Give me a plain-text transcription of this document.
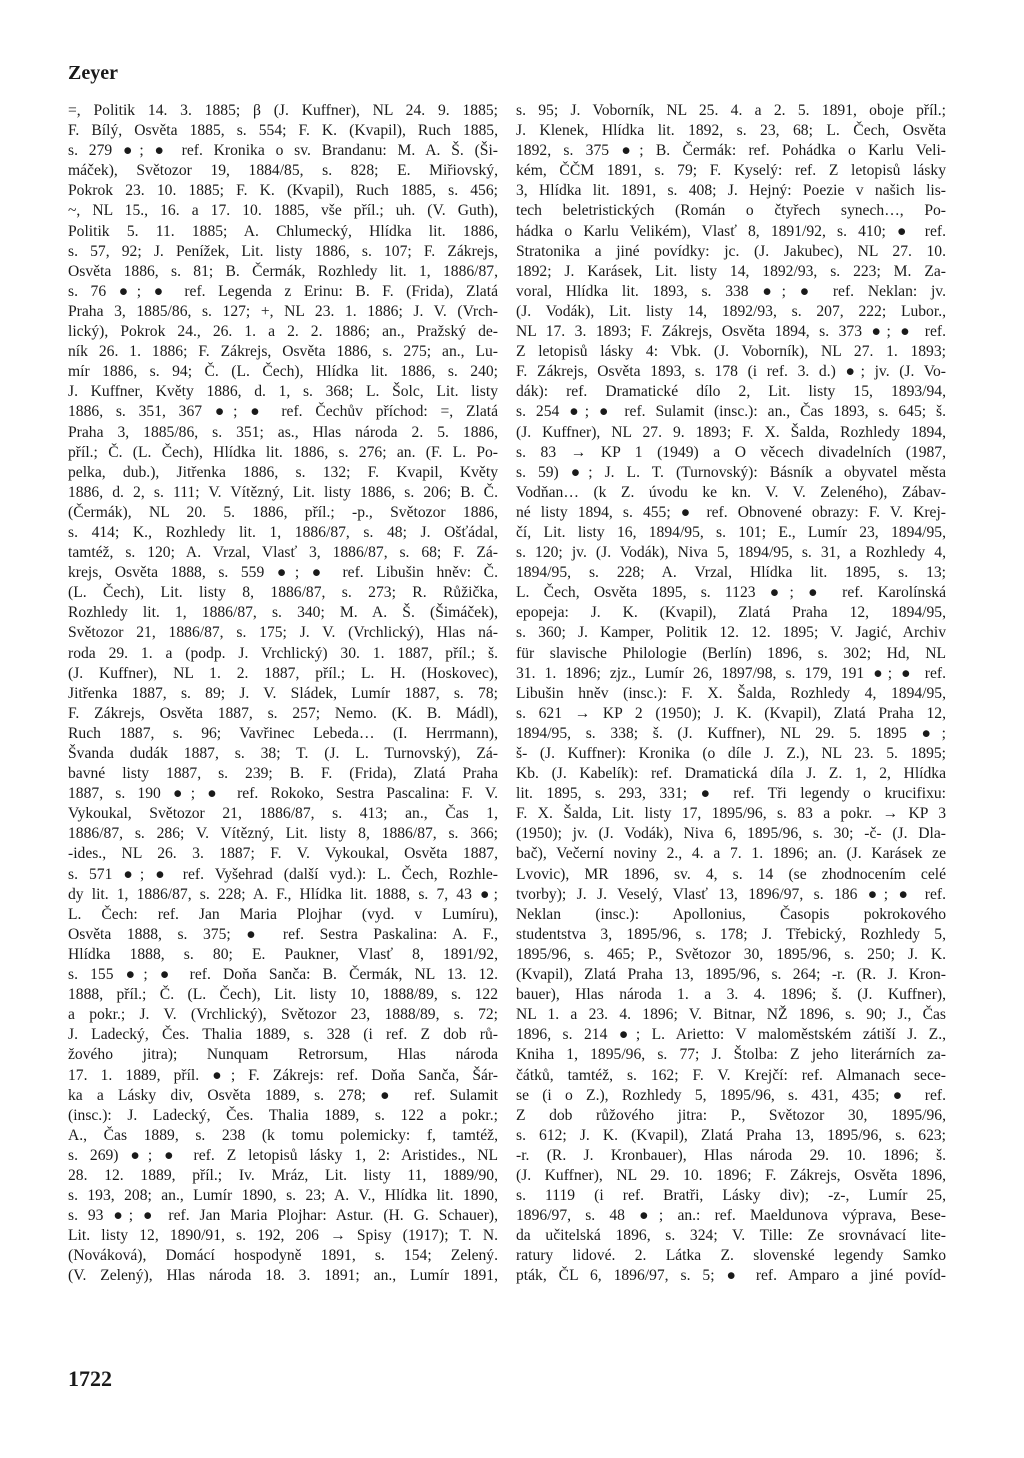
Zeyer
=, Politik 14. 3. 1885; β (J. Kuffner), NL 24. 9. 1885;
F. Bílý, Osvěta 1885, s. 554; F. K. (Kvapil), Ruch 1885,
s. 279 ●; ● ref. Kronika o sv. Brandanu: M. A. Š. (Ši-
máček), Světozor 19, 1884/85, s. 828; E. Miřiovský,
Pokrok 23. 10. 1885; F. K. (Kvapil), Ruch 1885, s. 456;
~, NL 15., 16. a 17. 10. 1885, vše příl.; uh. (V. Guth),
Politik 5. 11. 1885; A. Chlumecký, Hlídka lit. 1886,
s. 57, 92; J. Penížek, Lit. listy 1886, s. 107; F. Zákrejs,
Osvěta 1886, s. 81; B. Čermák, Rozhledy lit. 1, 1886/87,
s. 76 ●; ● ref. Legenda z Erinu: B. F. (Frida), Zlatá
Praha 3, 1885/86, s. 127; +, NL 23. 1. 1886; J. V. (Vrch-
lický), Pokrok 24., 26. 1. a 2. 2. 1886; an., Pražský de-
ník 26. 1. 1886; F. Zákrejs, Osvěta 1886, s. 275; an., Lu-
mír 1886, s. 94; Č. (L. Čech), Hlídka lit. 1886, s. 240;
J. Kuffner, Květy 1886, d. 1, s. 368; L. Šolc, Lit. listy
1886, s. 351, 367 ●; ● ref. Čechův příchod: =, Zlatá
Praha 3, 1885/86, s. 351; as., Hlas národa 2. 5. 1886,
příl.; Č. (L. Čech), Hlídka lit. 1886, s. 276; an. (F. L. Po-
pelka, dub.), Jitřenka 1886, s. 132; F. Kvapil, Květy
1886, d. 2, s. 111; V. Vítězný, Lit. listy 1886, s. 206; B. Č.
(Čermák), NL 20. 5. 1886, příl.; -p., Světozor 1886,
s. 414; K., Rozhledy lit. 1, 1886/87, s. 48; J. Ošťádal,
tamtéž, s. 120; A. Vrzal, Vlasť 3, 1886/87, s. 68; F. Zá-
krejs, Osvěta 1888, s. 559 ●; ● ref. Libušin hněv: Č.
(L. Čech), Lit. listy 8, 1886/87, s. 273; R. Růžička,
Rozhledy lit. 1, 1886/87, s. 340; M. A. Š. (Šimáček),
Světozor 21, 1886/87, s. 175; J. V. (Vrchlický), Hlas ná-
roda 29. 1. a (podp. J. Vrchlický) 30. 1. 1887, příl.; š.
(J. Kuffner), NL 1. 2. 1887, příl.; L. H. (Hoskovec),
Jitřenka 1887, s. 89; J. V. Sládek, Lumír 1887, s. 78;
F. Zákrejs, Osvěta 1887, s. 257; Nemo. (K. B. Mádl),
Ruch 1887, s. 96; Vavřinec Lebeda… (I. Herrmann),
Švanda dudák 1887, s. 38; T. (J. L. Turnovský), Zá-
bavné listy 1887, s. 239; B. F. (Frida), Zlatá Praha
1887, s. 190 ●; ● ref. Rokoko, Sestra Pascalina: F. V.
Vykoukal, Světozor 21, 1886/87, s. 413; an., Čas 1,
1886/87, s. 286; V. Vítězný, Lit. listy 8, 1886/87, s. 366;
-ides., NL 26. 3. 1887; F. V. Vykoukal, Osvěta 1887,
s. 571 ●; ● ref. Vyšehrad (další vyd.): L. Čech, Rozhle-
dy lit. 1, 1886/87, s. 228; A. F., Hlídka lit. 1888, s. 7, 43 ●;
L. Čech: ref. Jan Maria Plojhar (vyd. v Lumíru),
Osvěta 1888, s. 375; ● ref. Sestra Paskalina: A. F.,
Hlídka 1888, s. 80; E. Paukner, Vlasť 8, 1891/92,
s. 155 ●; ● ref. Doňa Sanča: B. Čermák, NL 13. 12.
1888, příl.; Č. (L. Čech), Lit. listy 10, 1888/89, s. 122
a pokr.; J. V. (Vrchlický), Světozor 23, 1888/89, s. 72;
J. Ladecký, Čes. Thalia 1889, s. 328 (i ref. Z dob rů-
žového jitra); Nunquam Retrorsum, Hlas národa
17. 1. 1889, příl. ●; F. Zákrejs: ref. Doňa Sanča, Šár-
ka a Lásky div, Osvěta 1889, s. 278; ● ref. Sulamit
(insc.): J. Ladecký, Čes. Thalia 1889, s. 122 a pokr.;
A., Čas 1889, s. 238 (k tomu polemicky: f, tamtéž,
s. 269) ●; ● ref. Z letopisů lásky 1, 2: Aristides., NL
28. 12. 1889, příl.; Iv. Mráz, Lit. listy 11, 1889/90,
s. 193, 208; an., Lumír 1890, s. 23; A. V., Hlídka lit. 1890,
s. 93 ●; ● ref. Jan Maria Plojhar: Astur. (H. G. Schauer),
Lit. listy 12, 1890/91, s. 192, 206 → Spisy (1917); T. N.
(Nováková), Domácí hospodyně 1891, s. 154; Zelený.
(V. Zelený), Hlas národa 18. 3. 1891; an., Lumír 1891,
s. 95; J. Voborník, NL 25. 4. a 2. 5. 1891, oboje příl.;
J. Klenek, Hlídka lit. 1892, s. 23, 68; L. Čech, Osvěta
1892, s. 375 ●; B. Čermák: ref. Pohádka o Karlu Veli-
kém, ČČM 1891, s. 79; F. Kyselý: ref. Z letopisů lásky
3, Hlídka lit. 1891, s. 408; J. Hejný: Poezie v našich lis-
tech beletristických (Román o čtyřech synech…, Po-
hádka o Karlu Velikém), Vlasť 8, 1891/92, s. 410; ● ref.
Stratonika a jiné povídky: jc. (J. Jakubec), NL 27. 10.
1892; J. Karásek, Lit. listy 14, 1892/93, s. 223; M. Za-
voral, Hlídka lit. 1893, s. 338 ●; ● ref. Neklan: jv.
(J. Vodák), Lit. listy 14, 1892/93, s. 207, 222; Lubor.,
NL 17. 3. 1893; F. Zákrejs, Osvěta 1894, s. 373 ●; ● ref.
Z letopisů lásky 4: Vbk. (J. Voborník), NL 27. 1. 1893;
F. Zákrejs, Osvěta 1893, s. 178 (i ref. 3. d.) ●; jv. (J. Vo-
dák): ref. Dramatické dílo 2, Lit. listy 15, 1893/94,
s. 254 ●; ● ref. Sulamit (insc.): an., Čas 1893, s. 645; š.
(J. Kuffner), NL 27. 9. 1893; F. X. Šalda, Rozhledy 1894,
s. 83 → KP 1 (1949) a O věcech divadelních (1987,
s. 59) ●; J. L. T. (Turnovský): Básník a obyvatel města
Vodňan… (k Z. úvodu ke kn. V. V. Zeleného), Zábav-
né listy 1894, s. 455; ● ref. Obnovené obrazy: F. V. Krej-
čí, Lit. listy 16, 1894/95, s. 101; E., Lumír 23, 1894/95,
s. 120; jv. (J. Vodák), Niva 5, 1894/95, s. 31, a Rozhledy 4,
1894/95, s. 228; A. Vrzal, Hlídka lit. 1895, s. 13;
L. Čech, Osvěta 1895, s. 1123 ●; ● ref. Karolínská
epopeja: J. K. (Kvapil), Zlatá Praha 12, 1894/95,
s. 360; J. Kamper, Politik 12. 12. 1895; V. Jagić, Archiv
für slavische Philologie (Berlín) 1896, s. 302; Hd, NL
31. 1. 1896; zjz., Lumír 26, 1897/98, s. 179, 191 ●; ● ref.
Libušin hněv (insc.): F. X. Šalda, Rozhledy 4, 1894/95,
s. 621 → KP 2 (1950); J. K. (Kvapil), Zlatá Praha 12,
1894/95, s. 338; š. (J. Kuffner), NL 29. 5. 1895 ●;
š- (J. Kuffner): Kronika (o díle J. Z.), NL 23. 5. 1895;
Kb. (J. Kabelík): ref. Dramatická díla J. Z. 1, 2, Hlídka
lit. 1895, s. 293, 331; ● ref. Tři legendy o krucifixu:
F. X. Šalda, Lit. listy 17, 1895/96, s. 83 a pokr. → KP 3
(1950); jv. (J. Vodák), Niva 6, 1895/96, s. 30; -č- (J. Dla-
bač), Večerní noviny 2., 4. a 7. 1. 1896; an. (J. Karásek ze
Lvovic), MR 1896, sv. 4, s. 14 (se zhodnocením celé
tvorby); J. J. Veselý, Vlasť 13, 1896/97, s. 186 ●; ● ref.
Neklan (insc.): Apollonius, Časopis pokrokového
studentstva 3, 1895/96, s. 178; J. Třebický, Rozhledy 5,
1895/96, s. 465; P., Světozor 30, 1895/96, s. 250; J. K.
(Kvapil), Zlatá Praha 13, 1895/96, s. 264; -r. (R. J. Kron-
bauer), Hlas národa 1. a 3. 4. 1896; š. (J. Kuffner),
NL 1. a 23. 4. 1896; V. Bitnar, NŽ 1896, s. 90; J., Čas
1896, s. 214 ●; L. Arietto: V maloměstském zátiší J. Z.,
Kniha 1, 1895/96, s. 77; J. Štolba: Z jeho literárních za-
čátků, tamtéž, s. 162; F. V. Krejčí: ref. Almanach sece-
se (i o Z.), Rozhledy 5, 1895/96, s. 431, 435; ● ref.
Z dob růžového jitra: P., Světozor 30, 1895/96,
s. 612; J. K. (Kvapil), Zlatá Praha 13, 1895/96, s. 623;
-r. (R. J. Kronbauer), Hlas národa 29. 10. 1896; š.
(J. Kuffner), NL 29. 10. 1896; F. Zákrejs, Osvěta 1896,
s. 1119 (i ref. Bratři, Lásky div); -z-, Lumír 25,
1896/97, s. 48 ●; an.: ref. Maeldunova výprava, Bese-
da učitelská 1896, s. 324; V. Tille: Ze srovnávací lite-
ratury lidové. 2. Látka Z. slovenské legendy Samko
pták, ČL 6, 1896/97, s. 5; ● ref. Amparo a jiné povíd-
1722
